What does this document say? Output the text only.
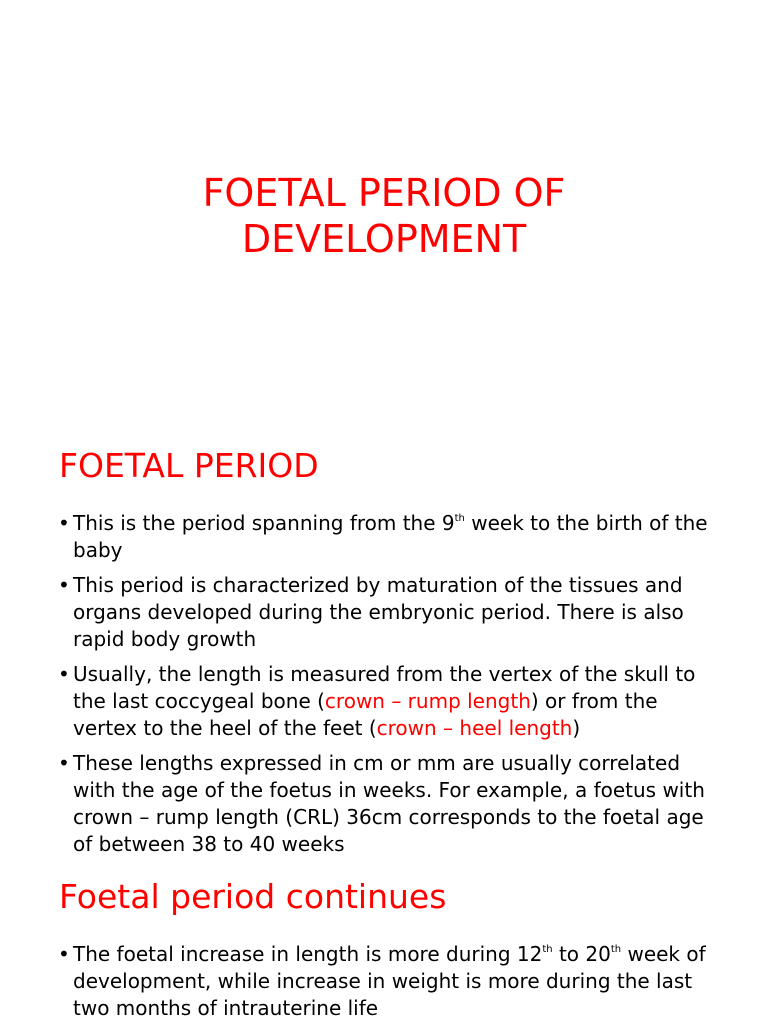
FOETAL PERIOD OF
DEVELOPMENT
FOETAL PERIOD
• This is the period spanning from the 9th week to the birth of the baby
• This period is characterized by maturation of the tissues and organs developed during the embryonic period. There is also rapid body growth
• Usually, the length is measured from the vertex of the skull to the last coccygeal bone (crown – rump length) or from the vertex to the heel of the feet (crown – heel length)
• These lengths expressed in cm or mm are usually correlated with the age of the foetus in weeks. For example, a foetus with crown – rump length (CRL) 36cm corresponds to the foetal age of between 38 to 40 weeks
Foetal period continues
• The foetal increase in length is more during 12th to 20th week of development, while increase in weight is more during the last two months of intrauterine life
